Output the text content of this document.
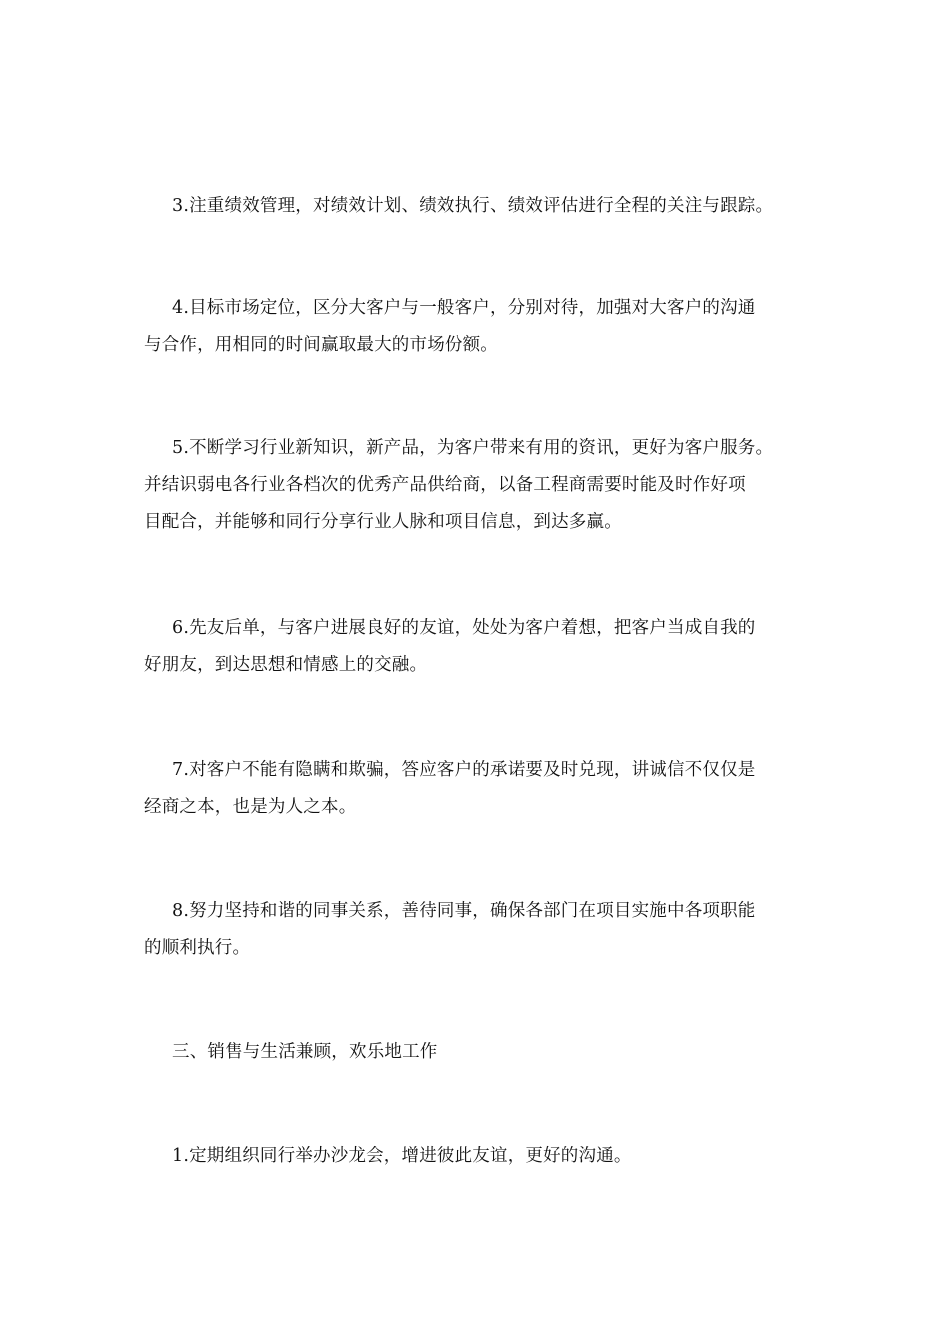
3.注重绩效管理，对绩效计划、绩效执行、绩效评估进行全程的关注与跟踪。
4.目标市场定位，区分大客户与一般客户，分别对待，加强对大客户的沟通
与合作，用相同的时间赢取最大的市场份额。
5.不断学习行业新知识，新产品，为客户带来有用的资讯，更好为客户服务。
并结识弱电各行业各档次的优秀产品供给商，以备工程商需要时能及时作好项
目配合，并能够和同行分享行业人脉和项目信息，到达多赢。
6.先友后单，与客户进展良好的友谊，处处为客户着想，把客户当成自我的
好朋友，到达思想和情感上的交融。
7.对客户不能有隐瞒和欺骗，答应客户的承诺要及时兑现，讲诚信不仅仅是
经商之本，也是为人之本。
8.努力坚持和谐的同事关系，善待同事，确保各部门在项目实施中各项职能
的顺利执行。
三、销售与生活兼顾，欢乐地工作
1.定期组织同行举办沙龙会，增进彼此友谊，更好的沟通。
